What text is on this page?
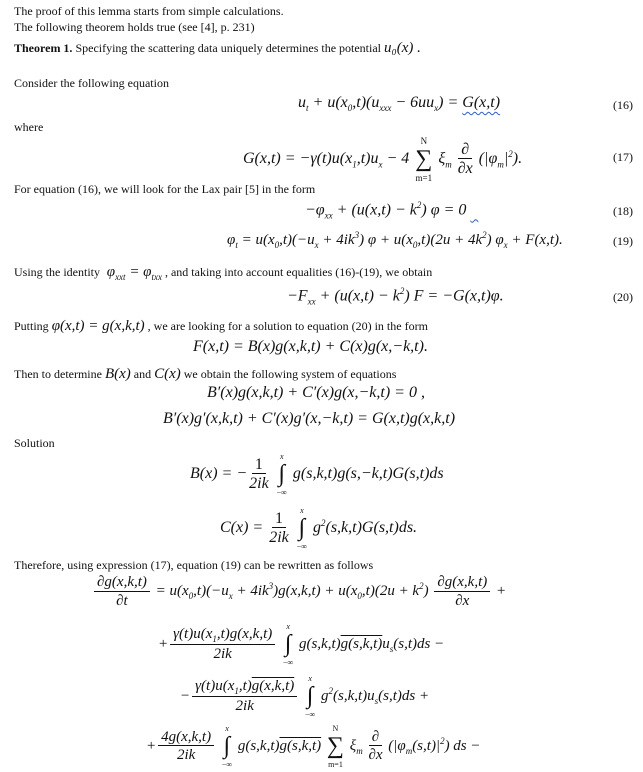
The proof of this lemma starts from simple calculations.
The following theorem holds true (see [4], p. 231)
Theorem 1. Specifying the scattering data uniquely determines the potential u₀(x) .
Consider the following equation
$u_t + u(x_0,t)(u_{xxx} - 6uu_x) = G(x,t)$	(16)
where
$G(x,t) = -\gamma(t)u(x_1,t)u_x - 4$
N
∑
m=1
$\xi_m \frac{\partial}{\partial x} (|\varphi_m|^2)$.	(17)
For equation (16), we will look for the Lax pair [5] in the form
$-\varphi_{xx} + (u(x,t) - k^2) \varphi = 0$	(18)
$\varphi_t = u(x_0,t)(-u_x + 4ik^3) \varphi + u(x_0,t)(2u + 4k^2) \varphi_x + F(x,t)$.	(19)
Using the identity  $\varphi_{xxt} = \varphi_{txx}$ , and taking into account equalities (16)-(19), we obtain
$-F_{xx} + (u(x,t) - k^2) F = -G(x,t)\varphi$.	(20)
Putting φ(x,t) = g(x,k,t) , we are looking for a solution to equation (20) in the form
F(x,t) = B(x)g(x,k,t) + C(x)g(x,−k,t).
Then to determine B(x) and C(x) we obtain the following system of equations
B′(x)g(x,k,t) + C′(x)g(x,−k,t) = 0 ,
B′(x)g′(x,k,t) + C′(x)g′(x,−k,t) = G(x,t)g(x,k,t)
Solution
B(x) = − $\frac{1}{2ik}$
x
∫
−∞
g(s,k,t)g(s,−k,t)G(s,t)ds
$C(x) = \frac{1}{2ik}$
x
∫
−∞
$g^2(s,k,t)G(s,t)ds$.
Therefore, using expression (17), equation (19) can be rewritten as follows
$\frac{\partial g(x,k,t)}{\partial t} = u(x_0,t)(-u_x + 4ik^3)g(x,k,t) + u(x_0,t)(2u + k^2) \frac{\partial g(x,k,t)}{\partial x}$ +
+ $\frac{\gamma(t)u(x_1,t)g(x,k,t)}{2ik}$
x
∫
−∞
$g(s,k,t)g(s,k,t)u_s(s,t)ds$ −
− $\frac{\gamma(t)u(x_1,t)g(x,k,t)}{2ik}$
x
∫
−∞
$g^2(s,k,t)u_s(s,t)ds$ +
+ $\frac{4g(x,k,t)}{2ik}$

x
∫
−∞
g(s,k,t)g(s,k,t)
N
∑
m=1
$\xi_m \frac{\partial}{\partial x} (|\varphi_m(s,t)|^2)$ ds −
